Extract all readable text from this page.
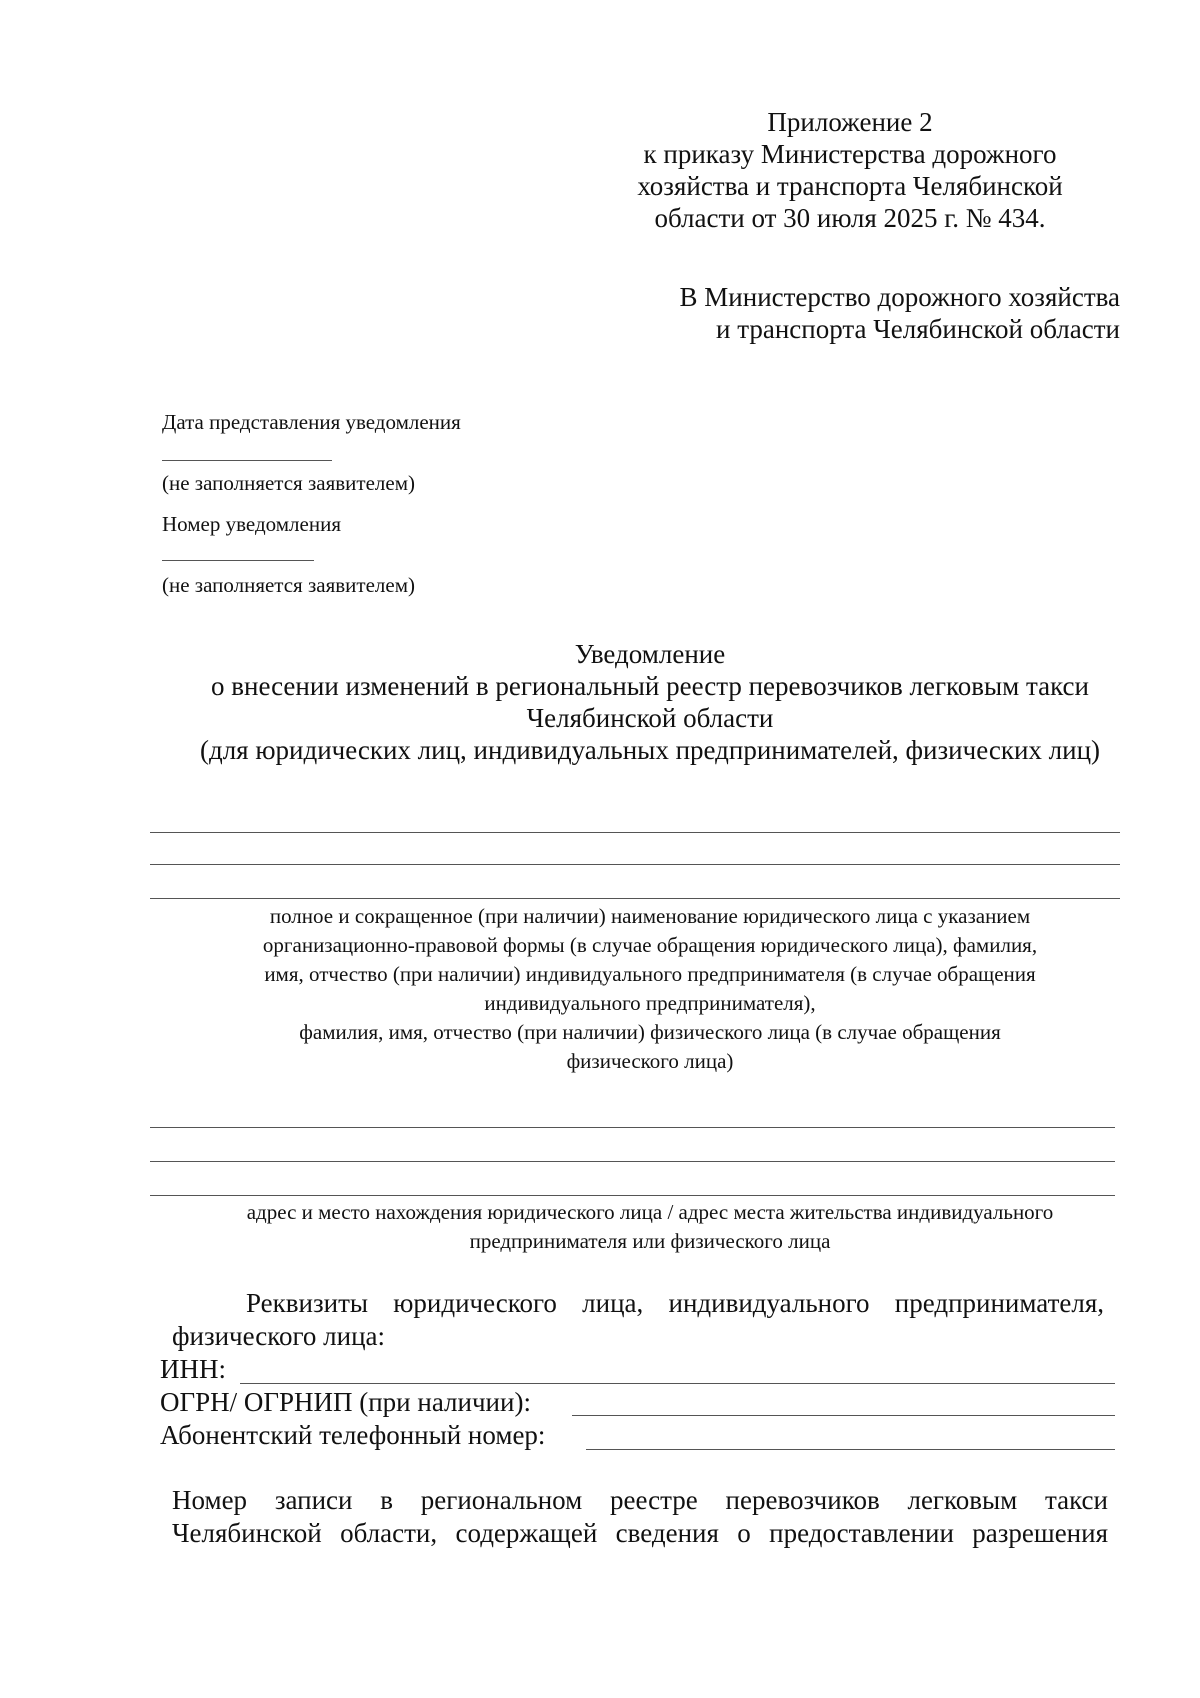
Приложение 2
к приказу Министерства дорожного
хозяйства и транспорта Челябинской
области от 30 июля 2025 г. № 434.
В Министерство дорожного хозяйства
и транспорта Челябинской области
Дата представления уведомления
(не заполняется заявителем)
Номер уведомления
(не заполняется заявителем)
Уведомление
о внесении изменений в региональный реестр перевозчиков легковым такси
Челябинской области
(для юридических лиц, индивидуальных предпринимателей, физических лиц)
полное и сокращенное (при наличии) наименование юридического лица с указанием
организационно-правовой формы (в случае обращения юридического лица), фамилия,
имя, отчество (при наличии) индивидуального предпринимателя (в случае обращения
индивидуального предпринимателя),
фамилия, имя, отчество (при наличии) физического лица (в случае обращения
физического лица)
адрес и место нахождения юридического лица / адрес места жительства индивидуального
предпринимателя или физического лица
Реквизиты юридического лица, индивидуального предпринимателя,
физического лица:
ИНН:
ОГРН/ ОГРНИП (при наличии):
Абонентский телефонный номер:
Номер записи в региональном реестре перевозчиков легковым такси
Челябинской области, содержащей сведения о предоставлении разрешения
